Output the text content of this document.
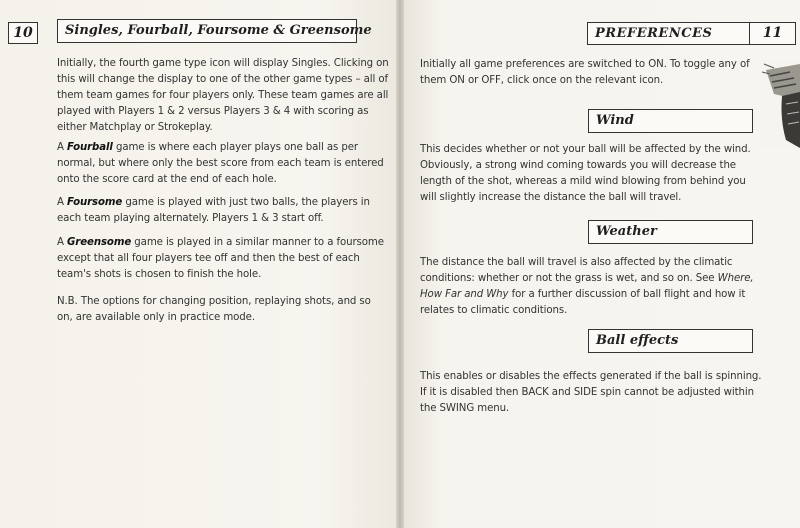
10	Singles, Fourball, Foursome & Greensome
Initially, the fourth game type icon will display Singles. Clicking on this will change the display to one of the other game types – all of them team games for four players only. These team games are all played with Players 1 & 2 versus Players 3 & 4 with scoring as either Matchplay or Strokeplay.
A Fourball game is where each player plays one ball as per normal, but where only the best score from each team is entered onto the score card at the end of each hole.
A Foursome game is played with just two balls, the players in each team playing alternately. Players 1 & 3 start off.
A Greensome game is played in a similar manner to a foursome except that all four players tee off and then the best of each team's shots is chosen to finish the hole.
N.B. The options for changing position, replaying shots, and so on, are available only in practice mode.
PREFERENCES	11
Initially all game preferences are switched to ON. To toggle any of them ON or OFF, click once on the relevant icon.
Wind
This decides whether or not your ball will be affected by the wind. Obviously, a strong wind coming towards you will decrease the length of the shot, whereas a mild wind blowing from behind you will slightly increase the distance the ball will travel.
Weather
The distance the ball will travel is also affected by the climatic conditions: whether or not the grass is wet, and so on. See Where, How Far and Why for a further discussion of ball flight and how it relates to climatic conditions.
Ball effects
This enables or disables the effects generated if the ball is spinning. If it is disabled then BACK and SIDE spin cannot be adjusted within the SWING menu.
